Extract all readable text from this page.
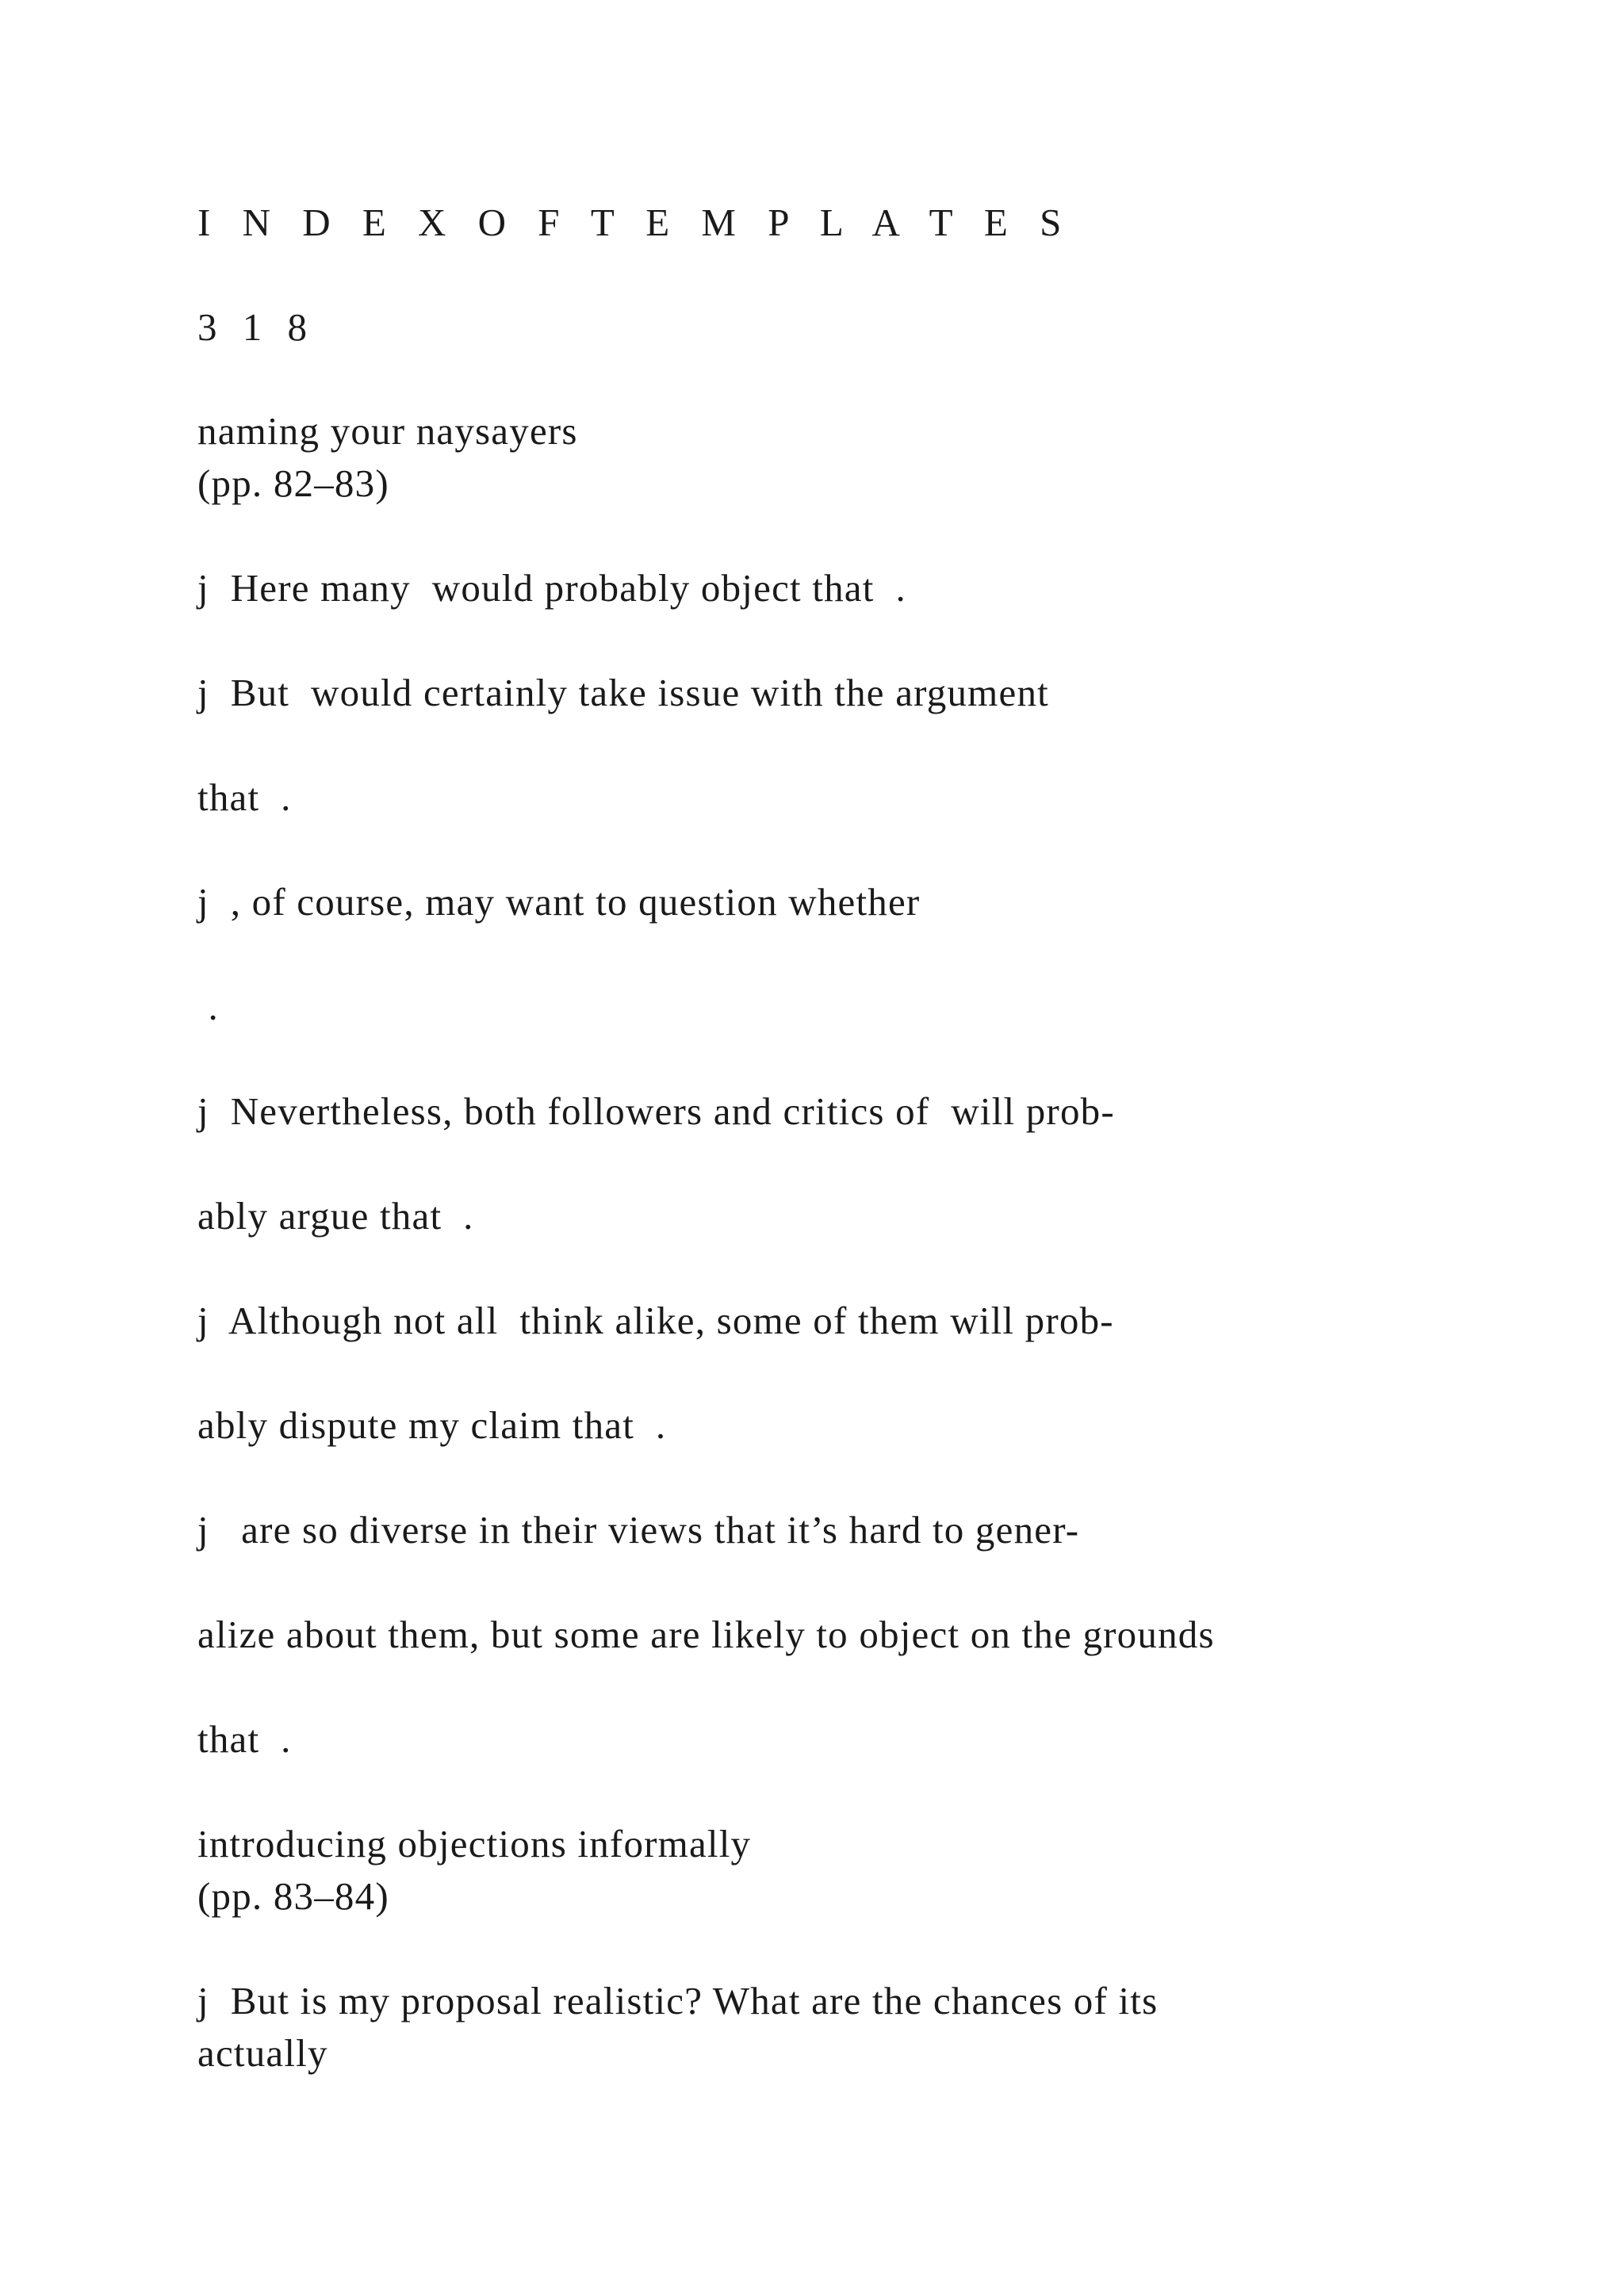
I N D E X O F T E M P L A T E S
3 1 8
naming your naysayers
(pp. 82–83)
j  Here many  would probably object that  .
j  But  would certainly take issue with the argument
that  .
j  , of course, may want to question whether
.
j  Nevertheless, both followers and critics of  will prob-
ably argue that  .
j  Although not all  think alike, some of them will prob-
ably dispute my claim that  .
j   are so diverse in their views that it’s hard to gener-
alize about them, but some are likely to object on the grounds
that  .
introducing objections informally
(pp. 83–84)
j  But is my proposal realistic? What are the chances of its
actually
